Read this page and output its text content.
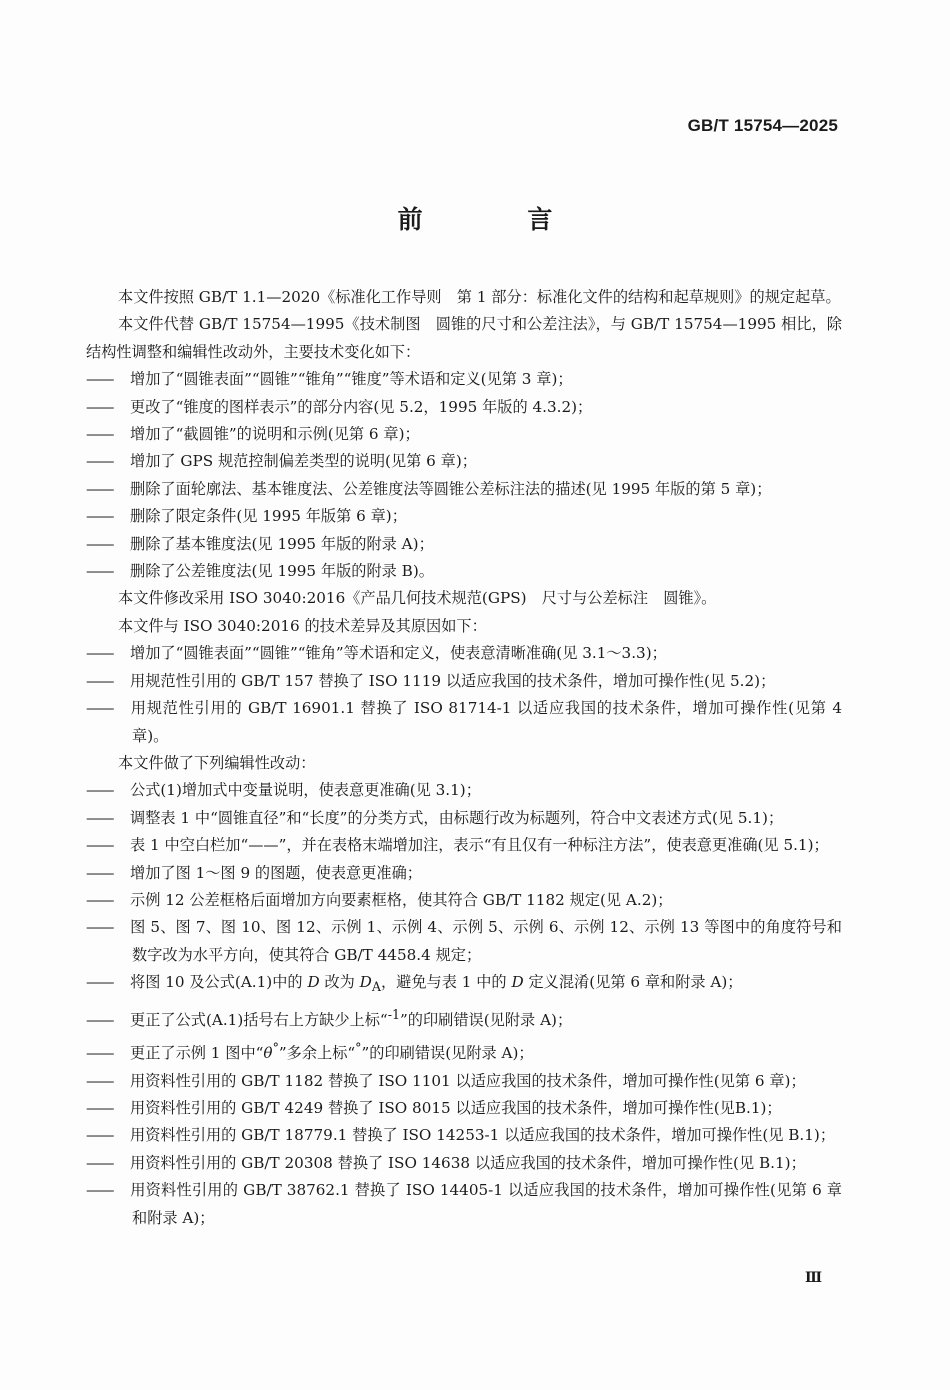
GB/T 15754—2025
前 言

本文件按照 GB/T 1.1—2020《标准化工作导则　第 1 部分：标准化文件的结构和起草规则》的规定起草。

本文件代替 GB/T 15754—1995《技术制图　圆锥的尺寸和公差注法》，与 GB/T 15754—1995 相比，除结构性调整和编辑性改动外，主要技术变化如下：

—— 增加了“圆锥表面”“圆锥”“锥角”“锥度”等术语和定义(见第 3 章)；

—— 更改了“锥度的图样表示”的部分内容(见 5.2，1995 年版的 4.3.2)；

—— 增加了“截圆锥”的说明和示例(见第 6 章)；

—— 增加了 GPS 规范控制偏差类型的说明(见第 6 章)；

—— 删除了面轮廓法、基本锥度法、公差锥度法等圆锥公差标注法的描述(见 1995 年版的第 5 章)；

—— 删除了限定条件(见 1995 年版第 6 章)；

—— 删除了基本锥度法(见 1995 年版的附录 A)；

—— 删除了公差锥度法(见 1995 年版的附录 B)。

本文件修改采用 ISO 3040:2016《产品几何技术规范(GPS)　尺寸与公差标注　圆锥》。

本文件与 ISO 3040:2016 的技术差异及其原因如下：

—— 增加了“圆锥表面”“圆锥”“锥角”等术语和定义，使表意清晰准确(见 3.1～3.3)；

—— 用规范性引用的 GB/T 157 替换了 ISO 1119 以适应我国的技术条件，增加可操作性(见 5.2)；

—— 用规范性引用的 GB/T 16901.1 替换了 ISO 81714-1 以适应我国的技术条件，增加可操作性(见第 4 章)。

本文件做了下列编辑性改动：

—— 公式(1)增加式中变量说明，使表意更准确(见 3.1)；

—— 调整表 1 中“圆锥直径”和“长度”的分类方式，由标题行改为标题列，符合中文表述方式(见 5.1)；

—— 表 1 中空白栏加“——”，并在表格末端增加注，表示“有且仅有一种标注方法”，使表意更准确(见 5.1)；

—— 增加了图 1～图 9 的图题，使表意更准确；

—— 示例 12 公差框格后面增加方向要素框格，使其符合 GB/T 1182 规定(见 A.2)；

—— 图 5、图 7、图 10、图 12、示例 1、示例 4、示例 5、示例 6、示例 12、示例 13 等图中的角度符号和数字改为水平方向，使其符合 GB/T 4458.4 规定；

—— 将图 10 及公式(A.1)中的 D 改为 $D_A$，避免与表 1 中的 D 定义混淆(见第 6 章和附录 A)；

—— 更正了公式(A.1)括号右上方缺少上标“$^{-1}$”的印刷错误(见附录 A)；

—— 更正了示例 1 图中“θ°”多余上标“°”的印刷错误(见附录 A)；

—— 用资料性引用的 GB/T 1182 替换了 ISO 1101 以适应我国的技术条件，增加可操作性(见第 6 章)；

—— 用资料性引用的 GB/T 4249 替换了 ISO 8015 以适应我国的技术条件，增加可操作性(见B.1)；

—— 用资料性引用的 GB/T 18779.1 替换了 ISO 14253-1 以适应我国的技术条件，增加可操作性(见 B.1)；

—— 用资料性引用的 GB/T 20308 替换了 ISO 14638 以适应我国的技术条件，增加可操作性(见 B.1)；

—— 用资料性引用的 GB/T 38762.1 替换了 ISO 14405-1 以适应我国的技术条件，增加可操作性(见第 6 章和附录 A)；

Ⅲ
